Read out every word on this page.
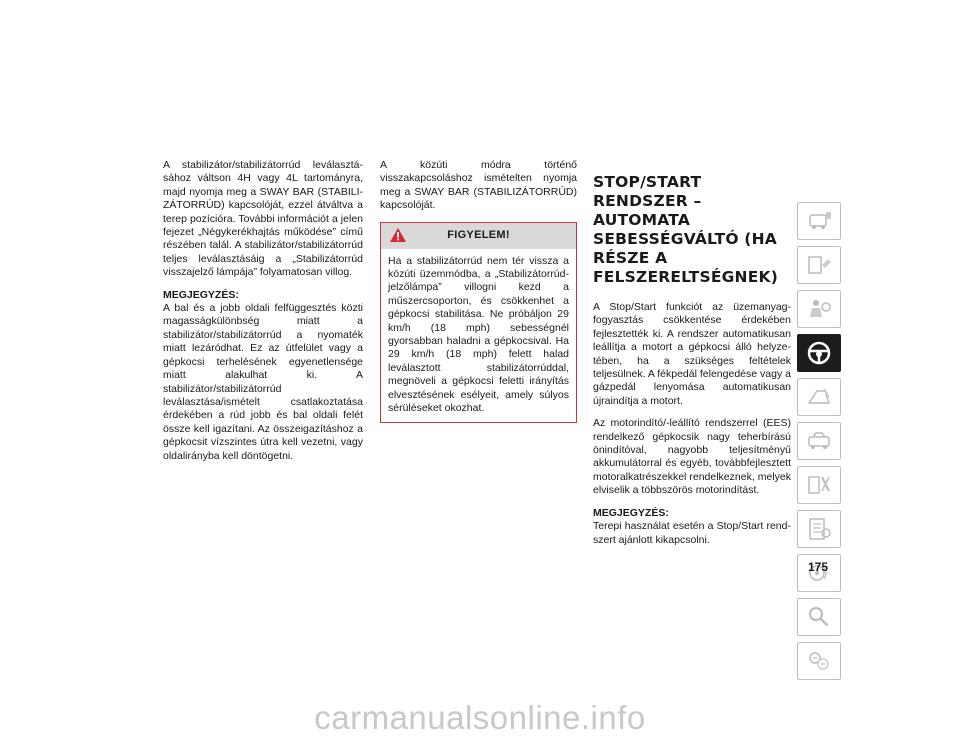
A stabilizátor/stabilizátorrúd leválasztásához váltson 4H vagy 4L tartományra, majd nyomja meg a SWAY BAR (STABILIZÁTORRÚD) kapcsolóját, ezzel átváltva a terep pozícióra. További információt a jelen fejezet „Négykerékhajtás működése” című részében talál. A stabilizátor/stabilizátorrúd teljes leválasztásáig a „Stabilizátorrúd visszajelző lámpája” folyamatosan villog.

MEGJEGYZÉS:

A bal és a jobb oldali felfüggesztés közti magasságkülönbség miatt a stabilizátor/stabilizátorrúd a nyomaték miatt lezáródhat. Ez az útfelület vagy a gépkocsi terhelésének egyenetlensége miatt alakulhat ki. A stabilizátor/stabilizátorrúd leválasztása/ismételt csatlakoztatása érdekében a rúd jobb és bal oldali felét össze kell igazítani. Az összeigazításhoz a gépkocsit vízszintes útra kell vezetni, vagy oldalirányba kell döntögetni.

A közúti módra történő visszakapcsoláshoz ismételten nyomja meg a SWAY BAR (STABILIZÁTORRÚD) kapcsolóját.

FIGYELEM!
Ha a stabilizátorrúd nem tér vissza a közúti üzemmódba, a „Stabilizátorrúd-jelzőlámpa” villogni kezd a műszercsoporton, és csökkenhet a gépkocsi stabilitása. Ne próbáljon 29 km/h (18 mph) sebességnél gyorsabban haladni a gépkocsival. Ha 29 km/h (18 mph) felett halad leválasztott stabilizátorrúddal, megnöveli a gépkocsi feletti irányítás elvesztésének esélyeit, amely súlyos sérüléseket okozhat.
STOP/START RENDSZER – AUTOMATA SEBESSÉGVÁLTÓ (HA RÉSZE A FELSZERELTSÉGNEK)

A Stop/Start funkciót az üzemanyag-fogyasztás csökkentése érdekében fejlesztették ki. A rendszer automatikusan leállítja a motort a gépkocsi álló helyzetében, ha a szükséges feltételek teljesülnek. A fékpedál felengedése vagy a gázpedál lenyomása automatikusan újraindítja a motort.

Az motorindító/-leállító rendszerrel (EES) rendelkező gépkocsik nagy teherbírású önindítóval, nagyobb teljesítményű akkumulátorral és egyéb, továbbfejlesztett motoralkatrészekkel rendelkeznek, melyek elviselik a többszörös motorindítást.

MEGJEGYZÉS:

Terepi használat esetén a Stop/Start rendszert ajánlott kikapcsolni.

175
carmanualsonline.info
